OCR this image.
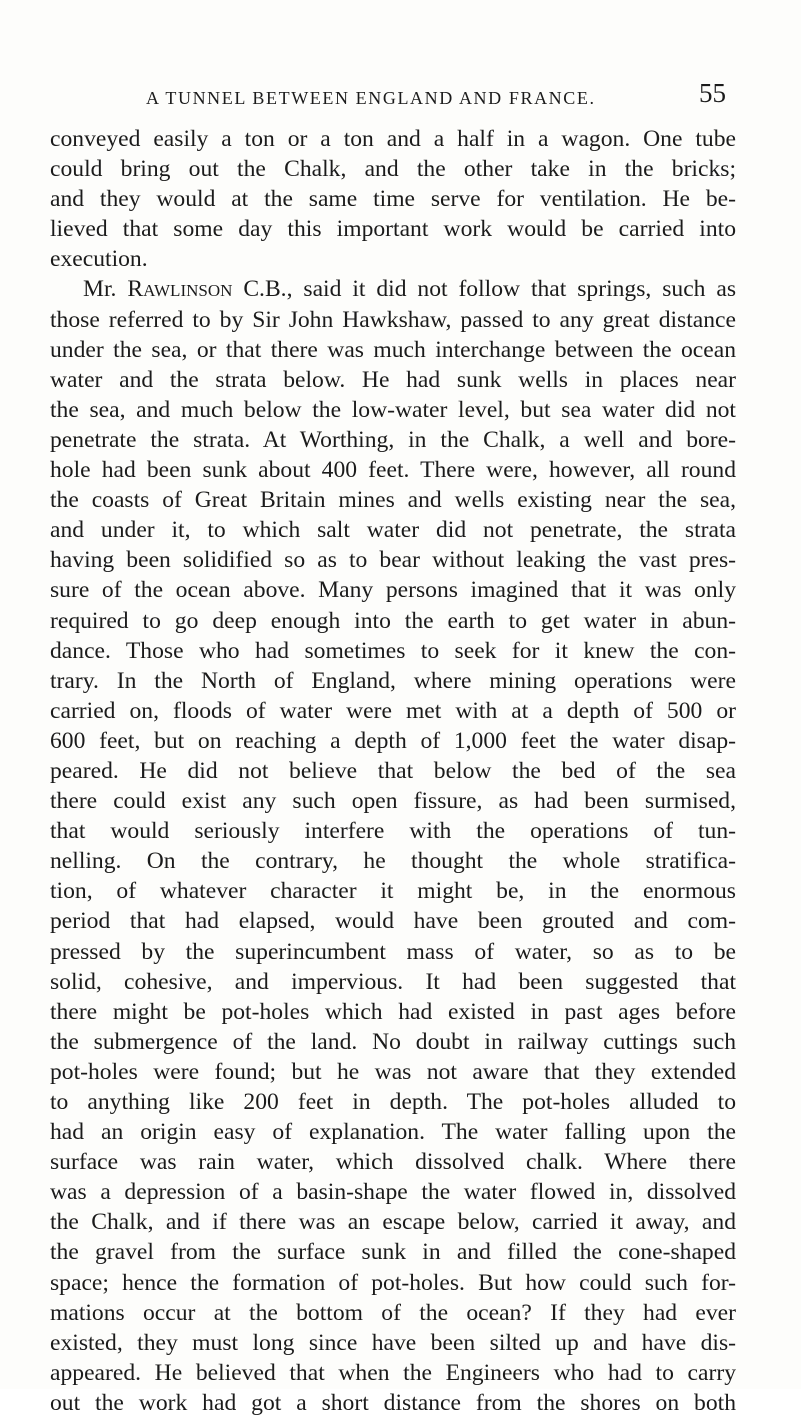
A TUNNEL BETWEEN ENGLAND AND FRANCE.	55
conveyed easily a ton or a ton and a half in a wagon. One tube
could bring out the Chalk, and the other take in the bricks;
and they would at the same time serve for ventilation. He be-
lieved that some day this important work would be carried into
execution.
Mr. Rawlinson C.B., said it did not follow that springs, such as
those referred to by Sir John Hawkshaw, passed to any great distance
under the sea, or that there was much interchange between the ocean
water and the strata below. He had sunk wells in places near
the sea, and much below the low-water level, but sea water did not
penetrate the strata. At Worthing, in the Chalk, a well and bore-
hole had been sunk about 400 feet. There were, however, all round
the coasts of Great Britain mines and wells existing near the sea,
and under it, to which salt water did not penetrate, the strata
having been solidified so as to bear without leaking the vast pres-
sure of the ocean above. Many persons imagined that it was only
required to go deep enough into the earth to get water in abun-
dance. Those who had sometimes to seek for it knew the con-
trary. In the North of England, where mining operations were
carried on, floods of water were met with at a depth of 500 or
600 feet, but on reaching a depth of 1,000 feet the water disap-
peared. He did not believe that below the bed of the sea
there could exist any such open fissure, as had been surmised,
that would seriously interfere with the operations of tun-
nelling. On the contrary, he thought the whole stratifica-
tion, of whatever character it might be, in the enormous
period that had elapsed, would have been grouted and com-
pressed by the superincumbent mass of water, so as to be
solid, cohesive, and impervious. It had been suggested that
there might be pot-holes which had existed in past ages before
the submergence of the land. No doubt in railway cuttings such
pot-holes were found; but he was not aware that they extended
to anything like 200 feet in depth. The pot-holes alluded to
had an origin easy of explanation. The water falling upon the
surface was rain water, which dissolved chalk. Where there
was a depression of a basin-shape the water flowed in, dissolved
the Chalk, and if there was an escape below, carried it away, and
the gravel from the surface sunk in and filled the cone-shaped
space; hence the formation of pot-holes. But how could such for-
mations occur at the bottom of the ocean? If they had ever
existed, they must long since have been silted up and have dis-
appeared. He believed that when the Engineers who had to carry
out the work had got a short distance from the shores on both
